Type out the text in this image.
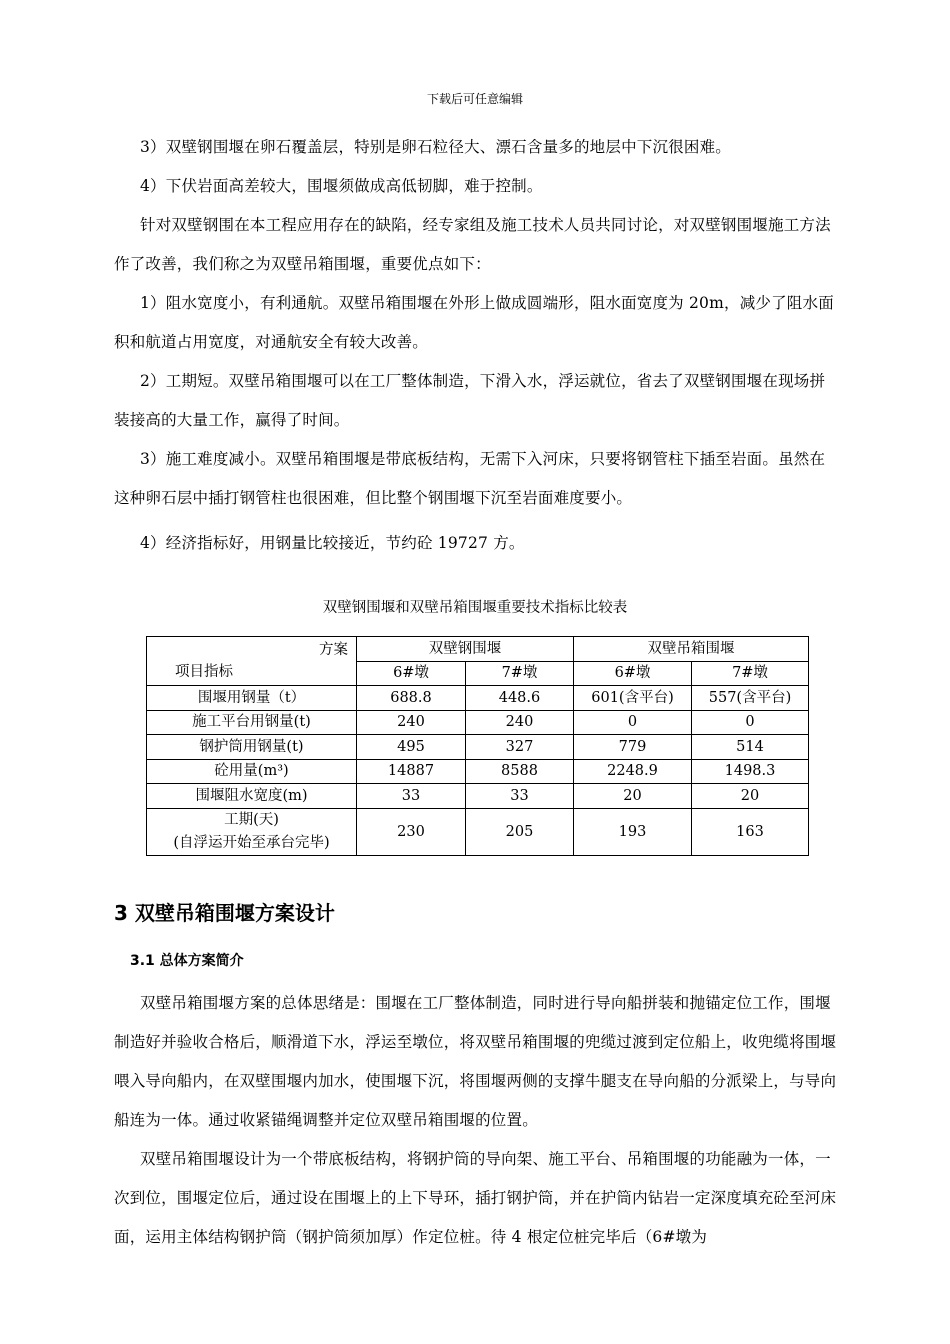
下载后可任意编辑

3）双壁钢围堰在卵石覆盖层，特别是卵石粒径大、漂石含量多的地层中下沉很困难。

4）下伏岩面高差较大，围堰须做成高低韧脚，难于控制。

针对双壁钢围在本工程应用存在的缺陷，经专家组及施工技术人员共同讨论，对双壁钢围堰施工方法作了改善，我们称之为双壁吊箱围堰，重要优点如下：

1）阻水宽度小，有利通航。双壁吊箱围堰在外形上做成圆端形，阻水面宽度为 20m，减少了阻水面积和航道占用宽度，对通航安全有较大改善。

2）工期短。双壁吊箱围堰可以在工厂整体制造，下滑入水，浮运就位，省去了双壁钢围堰在现场拼装接高的大量工作，赢得了时间。

3）施工难度减小。双壁吊箱围堰是带底板结构，无需下入河床，只要将钢管柱下插至岩面。虽然在这种卵石层中插打钢管柱也很困难，但比整个钢围堰下沉至岩面难度要小。

4）经济指标好，用钢量比较接近，节约砼 19727 方。

双壁钢围堰和双壁吊箱围堰重要技术指标比较表
方案
项目指标	双壁钢围堰		双壁吊箱围堰	
	6#墩	7#墩	6#墩	7#墩
围堰用钢量（t）	688.8	448.6	601(含平台)	557(含平台)
施工平台用钢量(t)	240	240	0	0
钢护筒用钢量(t)	495	327	779	514
砼用量(m³)	14887	8588	2248.9	1498.3
围堰阻水宽度(m)	33	33	20	20

工期(天)
(自浮运开始至承台完毕)	230	205	193	163
3 双壁吊箱围堰方案设计
3.1 总体方案简介

双壁吊箱围堰方案的总体思绪是：围堰在工厂整体制造，同时进行导向船拼装和抛锚定位工作，围堰制造好并验收合格后，顺滑道下水，浮运至墩位，将双壁吊箱围堰的兜缆过渡到定位船上，收兜缆将围堰喂入导向船内，在双壁围堰内加水，使围堰下沉，将围堰两侧的支撑牛腿支在导向船的分派梁上，与导向船连为一体。通过收紧锚绳调整并定位双壁吊箱围堰的位置。

双壁吊箱围堰设计为一个带底板结构，将钢护筒的导向架、施工平台、吊箱围堰的功能融为一体，一次到位，围堰定位后，通过设在围堰上的上下导环，插打钢护筒，并在护筒内钻岩一定深度填充砼至河床面，运用主体结构钢护筒（钢护筒须加厚）作定位桩。待 4 根定位桩完毕后（6#墩为
